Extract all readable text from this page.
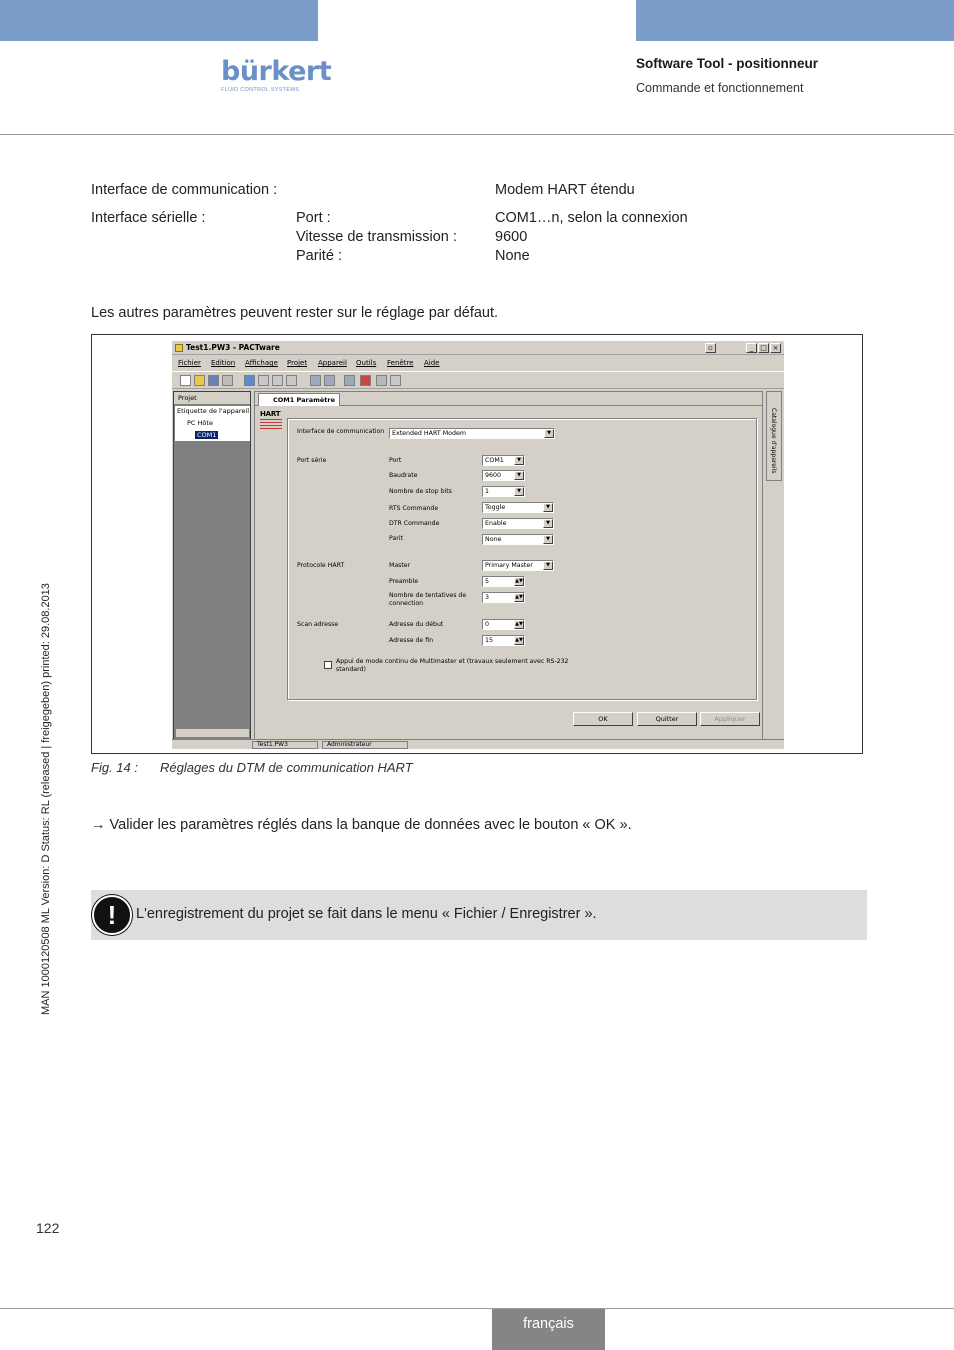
bürkert
FLUID CONTROL SYSTEMS
Software Tool - positionneur
Commande et fonctionnement
Interface de communication :	Modem HART étendu
Interface sérielle :	Port :	COM1…n, selon la connexion
Vitesse de transmission :	9600
Parité :	None
Les autres paramètres peuvent rester sur le réglage par défaut.
Test1.PW3 - PACTware	▫	_ □ ×
Fichier Edition Affichage Projet Appareil Outils Fenêtre Aide
Projet
Etiquette de l'appareil
PC Hôte
COM1
COM1 Paramètre
HART
Interface de communication	Extended HART Modem	▼
Port série	Port	COM1	▼
Baudrate	9600	▼
Nombre de stop bits	1	▼
RTS Commande	Toggle	▼
DTR Commande	Enable	▼
Parit	None	▼
Protocole HART	Master	Primary Master	▼
Preamble	5	▲▼
Nombre de tentatives de
connection
3	▲▼
Scan adresse	Adresse du début	0	▲▼
Adresse de fin	15	▲▼
Appui de mode continu de Multimaster et (travaux seulement avec RS-232
standard)
OK	Quitter	Appliquer
Catalogue d'appareils
Test1.PW3	Administrateur
Fig. 14 : Réglages du DTM de communication HART
→ Valider les paramètres réglés dans la banque de données avec le bouton « OK ».
!	L'enregistrement du projet se fait dans le menu « Fichier / Enregistrer ».
MAN 1000120508 ML Version: D Status: RL (released | freigegeben) printed: 29.08.2013
122
français
